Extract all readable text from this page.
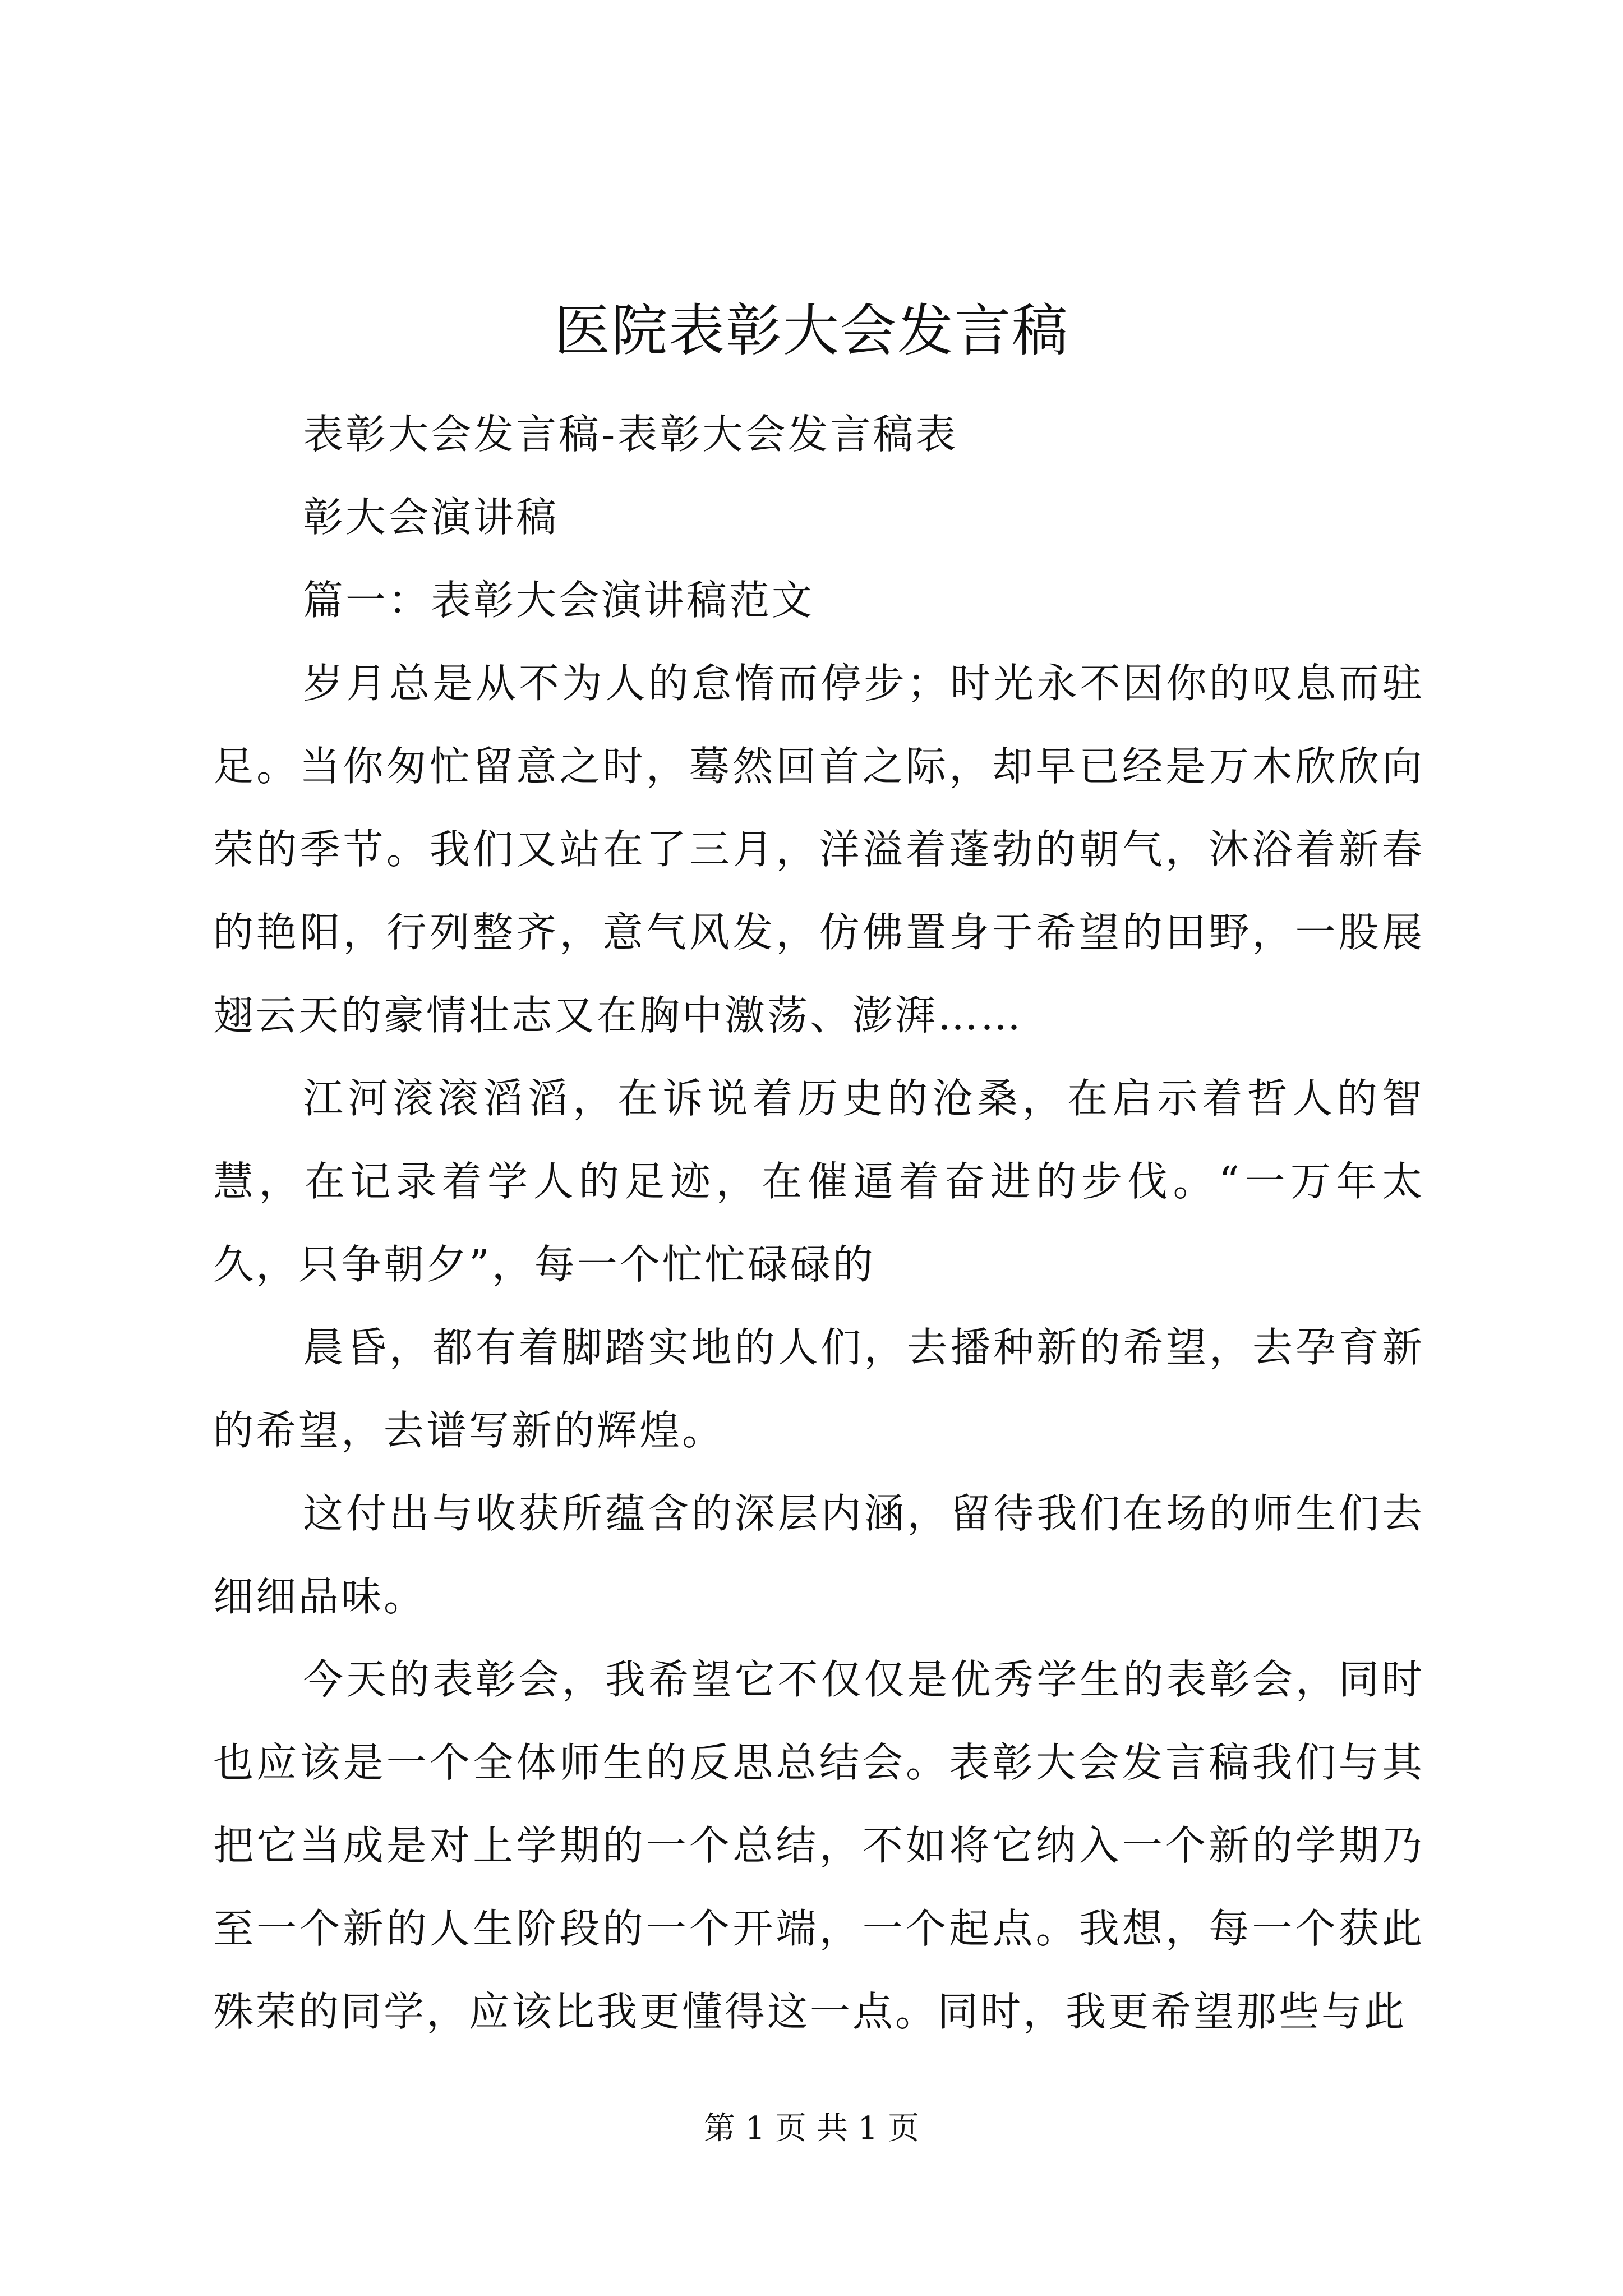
医院表彰大会发言稿

表彰大会发言稿-表彰大会发言稿表

彰大会演讲稿

篇一：表彰大会演讲稿范文

岁月总是从不为人的怠惰而停步；时光永不因你的叹息而驻足。当你匆忙留意之时，蓦然回首之际，却早已经是万木欣欣向荣的季节。我们又站在了三月，洋溢着蓬勃的朝气，沐浴着新春的艳阳，行列整齐，意气风发，仿佛置身于希望的田野，一股展翅云天的豪情壮志又在胸中激荡、澎湃……

江河滚滚滔滔，在诉说着历史的沧桑，在启示着哲人的智慧，在记录着学人的足迹，在催逼着奋进的步伐。“一万年太久，只争朝夕”，每一个忙忙碌碌的

晨昏，都有着脚踏实地的人们，去播种新的希望，去孕育新的希望，去谱写新的辉煌。

这付出与收获所蕴含的深层内涵，留待我们在场的师生们去细细品味。

今天的表彰会，我希望它不仅仅是优秀学生的表彰会，同时也应该是一个全体师生的反思总结会。表彰大会发言稿我们与其把它当成是对上学期的一个总结，不如将它纳入一个新的学期乃至一个新的人生阶段的一个开端，一个起点。我想，每一个获此殊荣的同学，应该比我更懂得这一点。同时，我更希望那些与此

第 1 页 共 1 页
